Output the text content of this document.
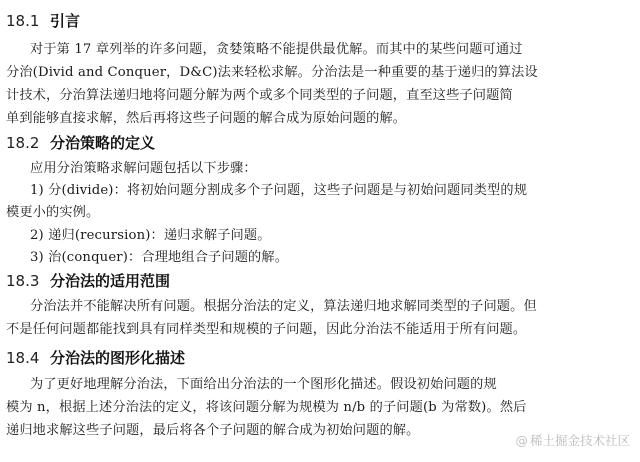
18.1 引言

对于第 17 章列举的许多问题，贪婪策略不能提供最优解。而其中的某些问题可通过

分治(Divid and Conquer，D&C)法来轻松求解。分治法是一种重要的基于递归的算法设

计技术，分治算法递归地将问题分解为两个或多个同类型的子问题，直至这些子问题简

单到能够直接求解，然后再将这些子问题的解合成为原始问题的解。

18.2 分治策略的定义

应用分治策略求解问题包括以下步骤：

1) 分(divide)：将初始问题分割成多个子问题，这些子问题是与初始问题同类型的规

模更小的实例。

2) 递归(recursion)：递归求解子问题。

3) 治(conquer)：合理地组合子问题的解。

18.3 分治法的适用范围

分治法并不能解决所有问题。根据分治法的定义，算法递归地求解同类型的子问题。但

不是任何问题都能找到具有同样类型和规模的子问题，因此分治法不能适用于所有问题。

18.4 分治法的图形化描述

为了更好地理解分治法，下面给出分治法的一个图形化描述。假设初始问题的规

模为 n，根据上述分治法的定义，将该问题分解为规模为 n/b 的子问题(b 为常数)。然后

递归地求解这些子问题，最后将各个子问题的解合成为初始问题的解。

@ 稀土掘金技术社区
